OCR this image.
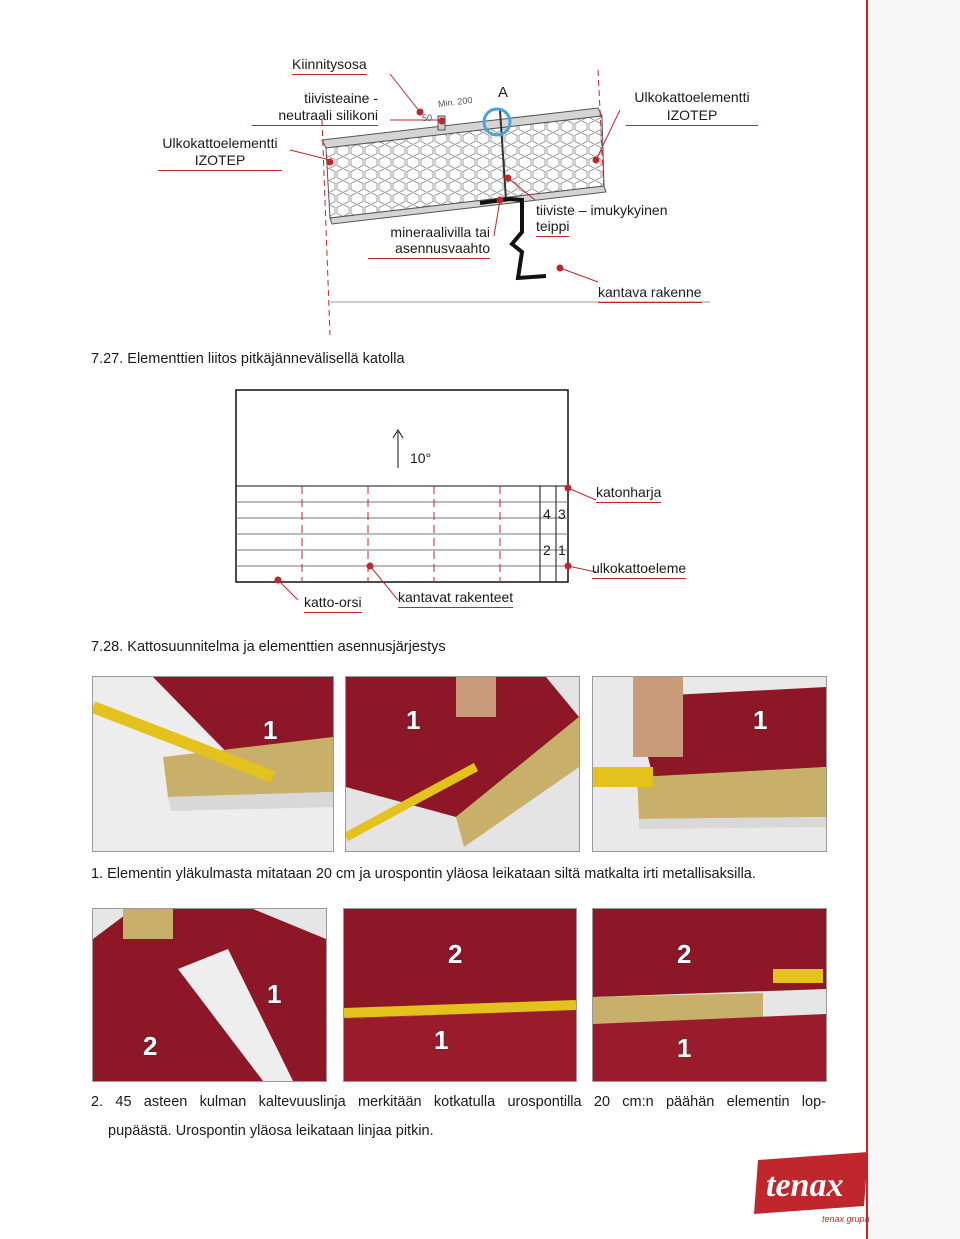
Kiinnitysosa
tiivisteaine -
neutraali silikoni
Ulkokattoelementti
IZOTEP
A
Min. 200
50
Ulkokattoelementti
IZOTEP
tiiviste – imukykyinen
teippi
mineraalivilla tai
asennusvaahto
kantava rakenne
7.27. Elementtien liitos pitkäjännevälisellä katolla
10°
4 3
2 1
katonharja
ulkokattoeleme
katto-orsi	kantavat rakenteet
7.28. Kattosuunnitelma ja elementtien asennusjärjestys
1	1	1
1. Elementin yläkulmasta mitataan 20 cm ja urospontin yläosa leikataan siltä matkalta irti metallisaksilla.
1
2
2
1
2
1
2. 45 asteen kulman kaltevuuslinja merkitään kotkatulla urospontilla 20 cm:n päähän elementin lop-
pupäästä. Urospontin yläosa leikataan linjaa pitkin.
tenax
tenax grupa
